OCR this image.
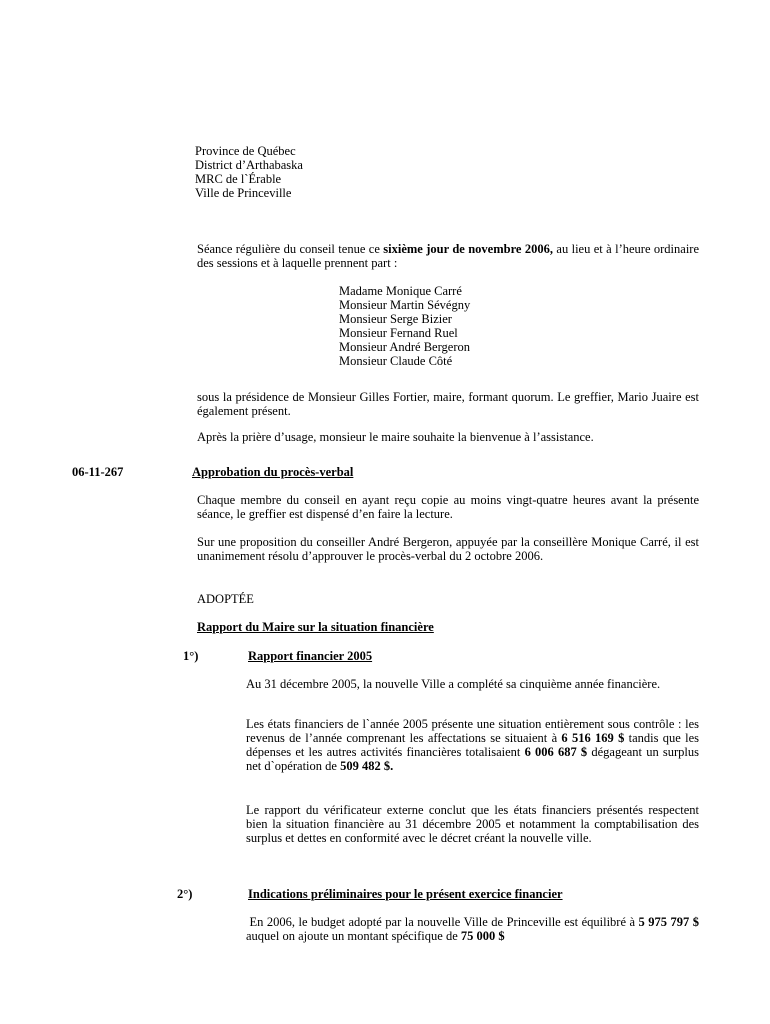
Province de Québec
District d’Arthabaska
MRC de l`Érable
Ville de Princeville
Séance régulière du conseil tenue ce sixième jour de novembre 2006, au lieu et à l’heure ordinaire des sessions et à laquelle prennent part :
Madame Monique Carré
Monsieur Martin Sévégny
Monsieur Serge Bizier
Monsieur Fernand Ruel
Monsieur André Bergeron
Monsieur Claude Côté
sous la présidence de Monsieur Gilles Fortier, maire, formant quorum. Le greffier, Mario Juaire est également présent.
Après la prière d’usage, monsieur le maire souhaite la bienvenue à l’assistance.
06-11-267	Approbation du procès-verbal
Chaque membre du conseil en ayant reçu copie au moins vingt-quatre heures avant la présente séance, le greffier est dispensé d’en faire la lecture.
Sur une proposition du conseiller André Bergeron, appuyée par la conseillère Monique Carré, il est unanimement résolu d’approuver le procès-verbal du 2 octobre 2006.
ADOPTÉE
Rapport du Maire sur la situation financière
1°)	Rapport financier 2005
Au 31 décembre 2005, la nouvelle Ville a complété sa cinquième année financière.
Les états financiers de l`année 2005 présente une situation entièrement sous contrôle : les revenus de l’année comprenant les affectations se situaient à 6 516 169 $ tandis que les dépenses et les autres activités financières totalisaient 6 006 687 $ dégageant un surplus net d`opération de 509 482 $.
Le rapport du vérificateur externe conclut que les états financiers présentés respectent bien la situation financière au 31 décembre 2005 et notamment la comptabilisation des surplus et dettes en conformité avec le décret créant la nouvelle ville.
2°)	Indications préliminaires pour le présent exercice financier
En 2006, le budget adopté par la nouvelle Ville de Princeville est équilibré à 5 975 797 $ auquel on ajoute un montant spécifique de 75 000 $
